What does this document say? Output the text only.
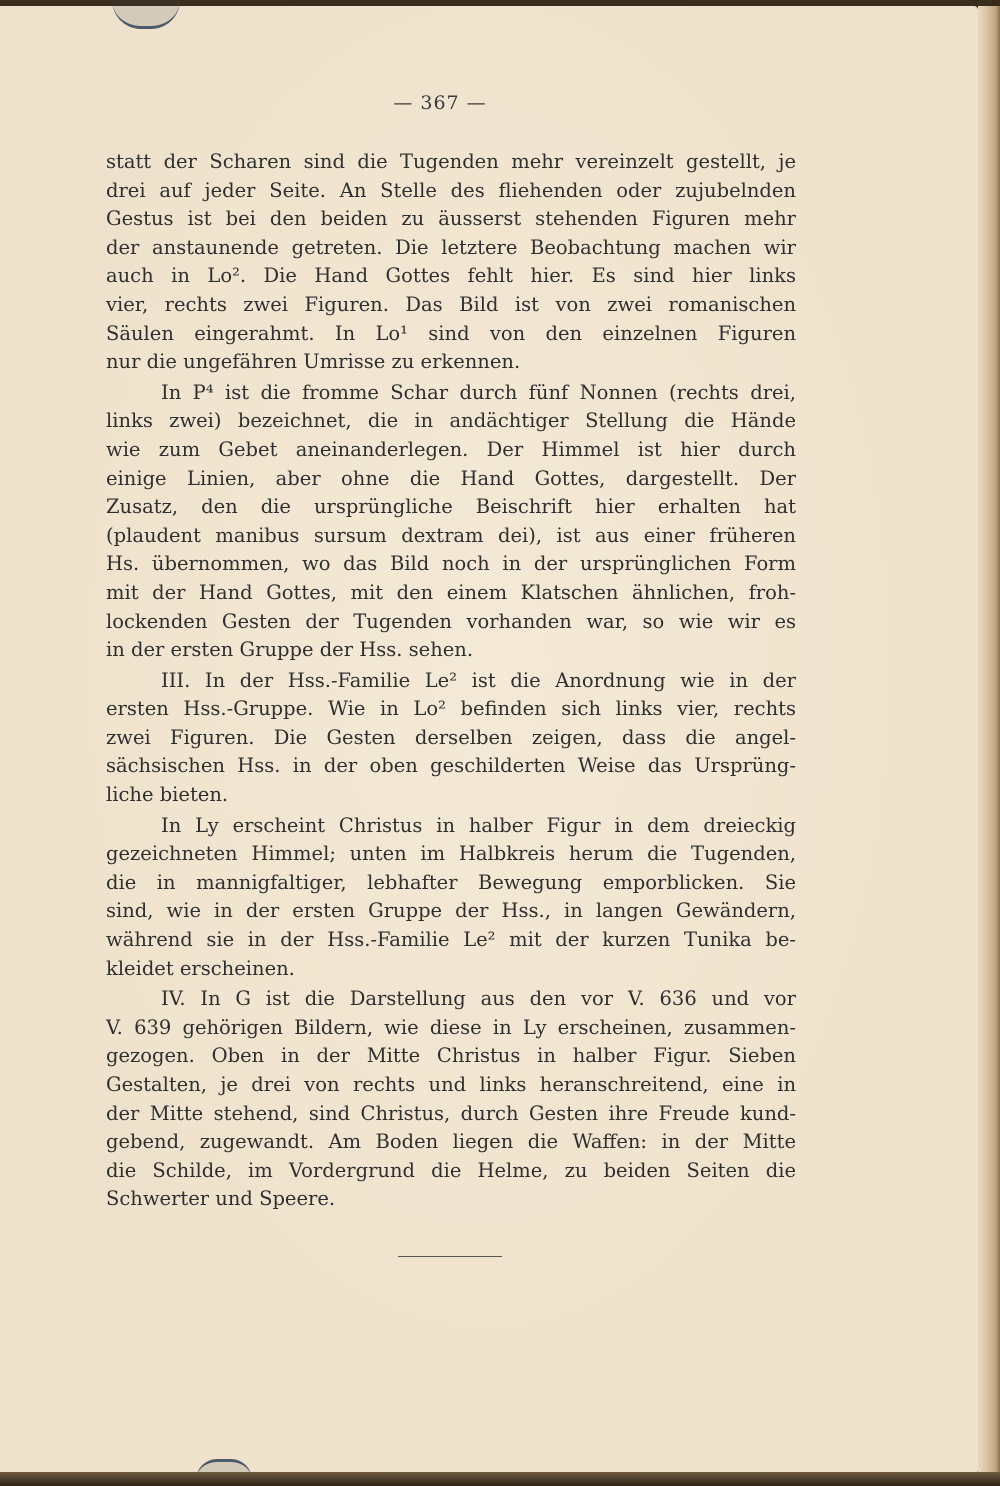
— 367 —
statt der Scharen sind die Tugenden mehr vereinzelt gestellt, je
drei auf jeder Seite. An Stelle des fliehenden oder zujubelnden
Gestus ist bei den beiden zu äusserst stehenden Figuren mehr
der anstaunende getreten. Die letztere Beobachtung machen wir
auch in Lo². Die Hand Gottes fehlt hier. Es sind hier links
vier, rechts zwei Figuren. Das Bild ist von zwei romanischen
Säulen eingerahmt. In Lo¹ sind von den einzelnen Figuren
nur die ungefähren Umrisse zu erkennen.
In P⁴ ist die fromme Schar durch fünf Nonnen (rechts drei,
links zwei) bezeichnet, die in andächtiger Stellung die Hände
wie zum Gebet aneinanderlegen. Der Himmel ist hier durch
einige Linien, aber ohne die Hand Gottes, dargestellt. Der
Zusatz, den die ursprüngliche Beischrift hier erhalten hat
(plaudent manibus sursum dextram dei), ist aus einer früheren
Hs. übernommen, wo das Bild noch in der ursprünglichen Form
mit der Hand Gottes, mit den einem Klatschen ähnlichen, froh-
lockenden Gesten der Tugenden vorhanden war, so wie wir es
in der ersten Gruppe der Hss. sehen.
III. In der Hss.-Familie Le² ist die Anordnung wie in der
ersten Hss.-Gruppe. Wie in Lo² befinden sich links vier, rechts
zwei Figuren. Die Gesten derselben zeigen, dass die angel-
sächsischen Hss. in der oben geschilderten Weise das Ursprüng-
liche bieten.
In Ly erscheint Christus in halber Figur in dem dreieckig
gezeichneten Himmel; unten im Halbkreis herum die Tugenden,
die in mannigfaltiger, lebhafter Bewegung emporblicken. Sie
sind, wie in der ersten Gruppe der Hss., in langen Gewändern,
während sie in der Hss.-Familie Le² mit der kurzen Tunika be-
kleidet erscheinen.
IV. In G ist die Darstellung aus den vor V. 636 und vor
V. 639 gehörigen Bildern, wie diese in Ly erscheinen, zusammen-
gezogen. Oben in der Mitte Christus in halber Figur. Sieben
Gestalten, je drei von rechts und links heranschreitend, eine in
der Mitte stehend, sind Christus, durch Gesten ihre Freude kund-
gebend, zugewandt. Am Boden liegen die Waffen: in der Mitte
die Schilde, im Vordergrund die Helme, zu beiden Seiten die
Schwerter und Speere.
